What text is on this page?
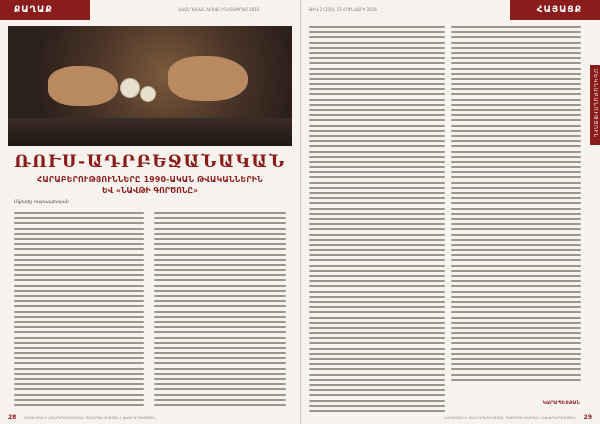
ՔԱՂԱՔ	ԱՎԱՆԴԱԿԱՆ ԽՈՍՔ, ԻՆՍՏԱԳՐԱՄ 2016
ՌՈՒՍ-ԱԴՐԲԵՋԱՆԱԿԱՆ
ՀԱՐԱԲԵՐՈՒԹՅՈՒՆՆԵՐԸ 1990-ԱԿԱՆ ԹՎԱԿԱՆՆԵՐԻՆ
ԵՎ «ՆԱՎԹԻ ԳՈՐԾՈՆԸ»
Մկրտիչ Կարապետյան
28 ՀԱՅԱՍՏԱՆԻ ՀԱՆՐԱՊԵՏՈՒԹՅԱՆ ՊԱՇՏՊԱՆՈՒԹՅԱՆ ՆԱԽԱՐԱՐՈՒԹՅՈՒՆ
ԹԻՎ 2 (150), 15 ՀՈՒՆՎԱՐԻ 2016	ՀԱՅԱՑՔ
ՄԵԿՆԱԲԱՆՈՒԹՅՈՒՆ
ԿԱՐԱՊԵՏՅԱՆ
29
ՀԱՅԱՍՏԱՆԻ ՀԱՆՐԱՊԵՏՈՒԹՅԱՆ ՊԱՇՏՊԱՆՈՒԹՅԱՆ ՆԱԽԱՐԱՐՈՒԹՅՈՒՆ
